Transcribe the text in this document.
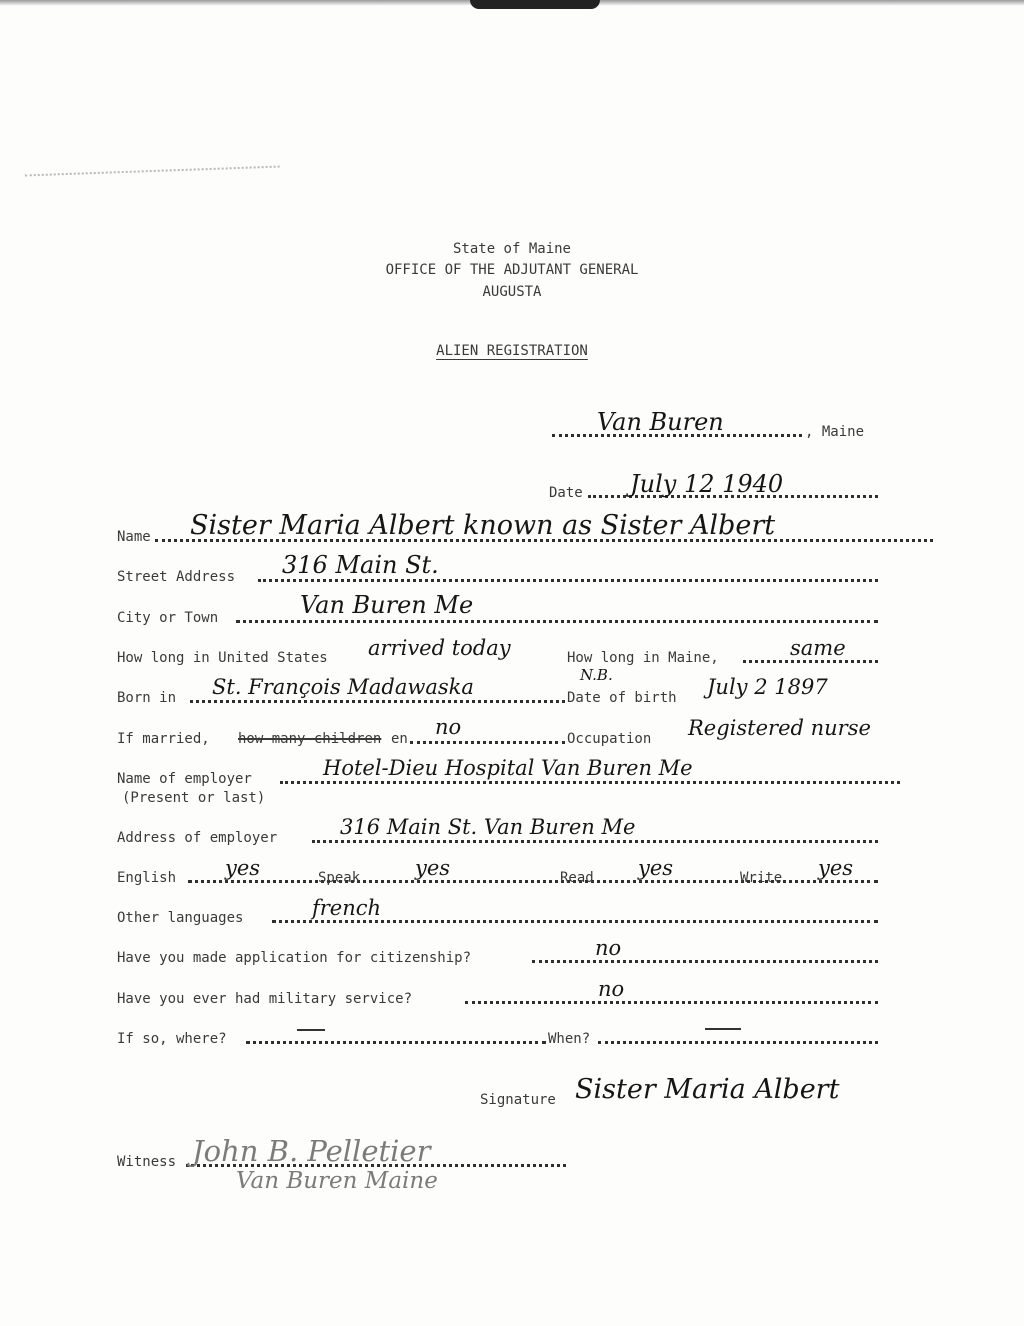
State of Maine
OFFICE OF THE ADJUTANT GENERAL
AUGUSTA
ALIEN REGISTRATION
Van Buren	, Maine
Date July 12 1940
Name Sister Maria Albert known as Sister Albert
Street Address 316 Main St.
City or Town	Van Buren Me
How long in United States arrived today	How long in Maine,	same
Born in St. François Madawaska	N.B.
Date of birth July 2 1897
If married, how many children en no	Occupation Registered nurse
Name of employer	Hotel-Dieu Hospital Van Buren Me
(Present or last)
Address of employer	316 Main St. Van Buren Me
English yes	Speak	yes	Read yes	Write yes
Other languages	french
Have you made application for citizenship?	no
Have you ever had military service?	no
If so, where?	When?
Signature Sister Maria Albert
Witness John B. Pelletier
Van Buren Maine
